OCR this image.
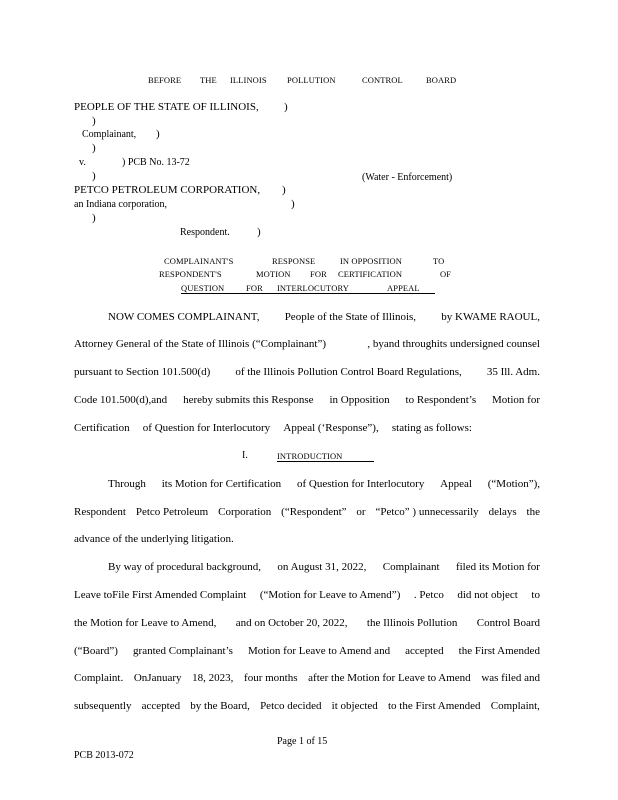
BEFORE THE ILLINOIS POLLUTION	CONTROL	BOARD
PEOPLE OF THE STATE OF ILLINOIS, )
)
Complainant, )
)
v.	) PCB No. 13-72
)	(Water - Enforcement)
PETCO PETROLEUM CORPORATION, )
an Indiana corporation,	)
)
Respondent. )
COMPLAINANT'S	RESPONSE	IN OPPOSITION	TO
RESPONDENT'S	MOTION FOR CERTIFICATION	OF
QUESTION	FOR INTERLOCUTORY	APPEAL
NOW COMES COMPLAINANT, People of the State of Illinois, by KWAME RAOUL,
Attorney General of the State of Illinois (“Complainant”)	, byand throughits undersigned counsel
pursuant to Section 101.500(d) of the Illinois Pollution Control Board Regulations, 35 Ill. Adm.
Code 101.500(d),and hereby submits this Response in Opposition to Respondent’s Motion for
Certification of Question for Interlocutory Appeal (‘Response”), stating as follows:
I.	INTRODUCTION
Through its Motion for Certification of Question for Interlocutory Appeal (“Motion”),
Respondent Petco Petroleum Corporation (“Respondent” or “Petco” ) unnecessarily delays the
advance of the underlying litigation.
By way of procedural background, on August 31, 2022, Complainant filed its Motion for
Leave toFile First Amended Complaint (“Motion for Leave to Amend”) . Petco did not object to
the Motion for Leave to Amend, and on October 20, 2022, the Illinois Pollution Control Board
(“Board”) granted Complainant’s Motion for Leave to Amend and accepted the First Amended
Complaint. OnJanuary 18, 2023, four months after the Motion for Leave to Amend was filed and
subsequently accepted by the Board, Petco decided it objected to the First Amended Complaint,
Page 1 of 15
PCB 2013-072
